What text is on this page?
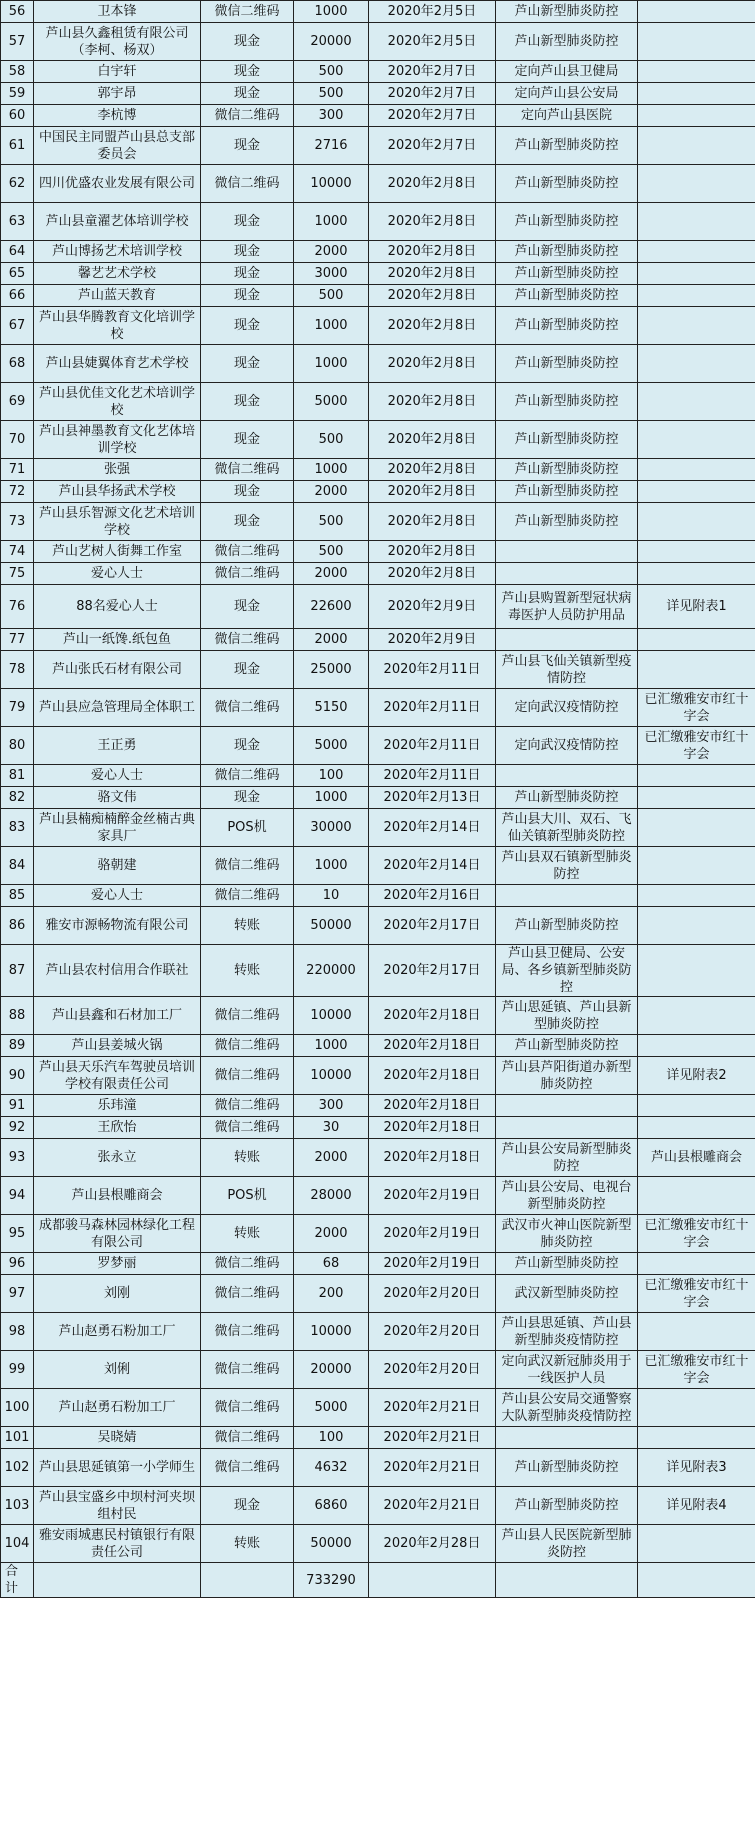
56	卫本锋	微信二维码	1000	2020年2月5日	芦山新型肺炎防控	
57	芦山县久鑫租赁有限公司（李柯、杨双）	现金	20000	2020年2月5日	芦山新型肺炎防控	
58	白宇轩	现金	500	2020年2月7日	定向芦山县卫健局	
59	郭宇昂	现金	500	2020年2月7日	定向芦山县公安局	
60	李杭博	微信二维码	300	2020年2月7日	定向芦山县医院	
61	中国民主同盟芦山县总支部委员会	现金	2716	2020年2月7日	芦山新型肺炎防控	
62	四川优盛农业发展有限公司	微信二维码	10000	2020年2月8日	芦山新型肺炎防控	
63	芦山县童濯艺体培训学校	现金	1000	2020年2月8日	芦山新型肺炎防控	
64	芦山博扬艺术培训学校	现金	2000	2020年2月8日	芦山新型肺炎防控	
65	馨艺艺术学校	现金	3000	2020年2月8日	芦山新型肺炎防控	
66	芦山蓝天教育	现金	500	2020年2月8日	芦山新型肺炎防控	
67	芦山县华腾教育文化培训学校	现金	1000	2020年2月8日	芦山新型肺炎防控	
68	芦山县婕翼体育艺术学校	现金	1000	2020年2月8日	芦山新型肺炎防控	
69	芦山县优佳文化艺术培训学校	现金	5000	2020年2月8日	芦山新型肺炎防控	
70	芦山县神墨教育文化艺体培训学校	现金	500	2020年2月8日	芦山新型肺炎防控	
71	张强	微信二维码	1000	2020年2月8日	芦山新型肺炎防控	
72	芦山县华扬武术学校	现金	2000	2020年2月8日	芦山新型肺炎防控	
73	芦山县乐智源文化艺术培训学校	现金	500	2020年2月8日	芦山新型肺炎防控	
74	芦山艺树人街舞工作室	微信二维码	500	2020年2月8日		
75	爱心人士	微信二维码	2000	2020年2月8日		
76	88名爱心人士	现金	22600	2020年2月9日	芦山县购置新型冠状病毒医护人员防护用品	详见附表1
77	芦山一纸馋.纸包鱼	微信二维码	2000	2020年2月9日		
78	芦山张氏石材有限公司	现金	25000	2020年2月11日	芦山县飞仙关镇新型疫情防控	
79	芦山县应急管理局全体职工	微信二维码	5150	2020年2月11日	定向武汉疫情防控	已汇缴雅安市红十字会
80	王正勇	现金	5000	2020年2月11日	定向武汉疫情防控	已汇缴雅安市红十字会
81	爱心人士	微信二维码	100	2020年2月11日		
82	骆文伟	现金	1000	2020年2月13日	芦山新型肺炎防控	
83	芦山县楠痴楠醉金丝楠古典家具厂	POS机	30000	2020年2月14日	芦山县大川、双石、飞仙关镇新型肺炎防控	
84	骆朝建	微信二维码	1000	2020年2月14日	芦山县双石镇新型肺炎防控	
85	爱心人士	微信二维码	10	2020年2月16日		
86	雅安市源畅物流有限公司	转账	50000	2020年2月17日	芦山新型肺炎防控	
87	芦山县农村信用合作联社	转账	220000	2020年2月17日	芦山县卫健局、公安局、各乡镇新型肺炎防控	
88	芦山县鑫和石材加工厂	微信二维码	10000	2020年2月18日	芦山思延镇、芦山县新型肺炎防控	
89	芦山县姜城火锅	微信二维码	1000	2020年2月18日	芦山新型肺炎防控	
90	芦山县天乐汽车驾驶员培训学校有限责任公司	微信二维码	10000	2020年2月18日	芦山县芦阳街道办新型肺炎防控	详见附表2
91	乐玮潼	微信二维码	300	2020年2月18日		
92	王欣怡	微信二维码	30	2020年2月18日		
93	张永立	转账	2000	2020年2月18日	芦山县公安局新型肺炎防控	芦山县根雕商会
94	芦山县根雕商会	POS机	28000	2020年2月19日	芦山县公安局、电视台新型肺炎防控	
95	成都骏马森林园林绿化工程有限公司	转账	2000	2020年2月19日	武汉市火神山医院新型肺炎防控	已汇缴雅安市红十字会
96	罗梦丽	微信二维码	68	2020年2月19日	芦山新型肺炎防控	
97	刘刚	微信二维码	200	2020年2月20日	武汉新型肺炎防控	已汇缴雅安市红十字会
98	芦山赵勇石粉加工厂	微信二维码	10000	2020年2月20日	芦山县思延镇、芦山县新型肺炎疫情防控	
99	刘俐	微信二维码	20000	2020年2月20日	定向武汉新冠肺炎用于一线医护人员	已汇缴雅安市红十字会
100	芦山赵勇石粉加工厂	微信二维码	5000	2020年2月21日	芦山县公安局交通警察大队新型肺炎疫情防控	
101	吴晓婧	微信二维码	100	2020年2月21日		
102	芦山县思延镇第一小学师生	微信二维码	4632	2020年2月21日	芦山新型肺炎防控	详见附表3
103	芦山县宝盛乡中坝村河夹坝组村民	现金	6860	2020年2月21日	芦山新型肺炎防控	详见附表4
104	雅安雨城惠民村镇银行有限责任公司	转账	50000	2020年2月28日	芦山县人民医院新型肺炎防控	
合计			733290			
